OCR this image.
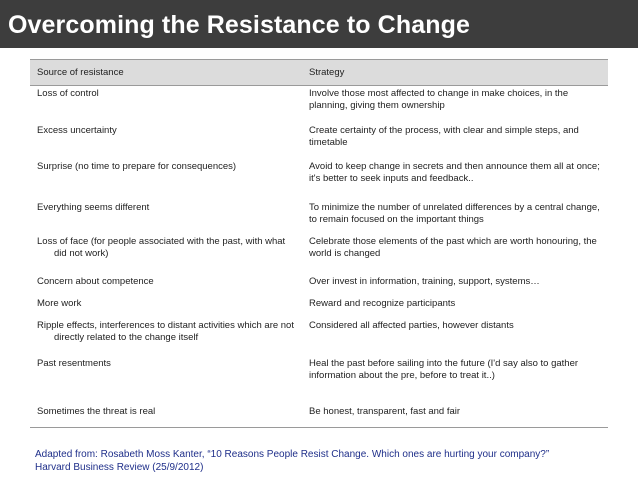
Overcoming the Resistance to Change
Source of resistance	Strategy

Loss of control	Involve those most affected to change in make choices, in the planning, giving them ownership

Excess uncertainty	Create certainty of the process, with clear and simple steps, and timetable

Surprise (no time to prepare for consequences)	Avoid to keep change in secrets and then announce them all at once; it's better to seek inputs and feedback..

Everything seems different	To minimize the number of unrelated differences by a central change, to remain focused on the important things

Loss of face (for people associated with the past, with what did not work)	Celebrate those elements of the past which are worth honouring, the world is changed

Concern about competence	Over invest in information, training, support, systems…

More work	Reward and recognize participants

Ripple effects, interferences to distant activities which are not directly related to the change itself	Considered all affected parties, however distants

Past resentments	Heal the past before sailing into the future (I'd say also to gather information about the pre, before to treat it..)

Sometimes the threat is real	Be honest, transparent, fast and fair
Adapted from: Rosabeth Moss Kanter, “10 Reasons People Resist Change. Which ones are hurting your company?”
Harvard Business Review (25/9/2012)
